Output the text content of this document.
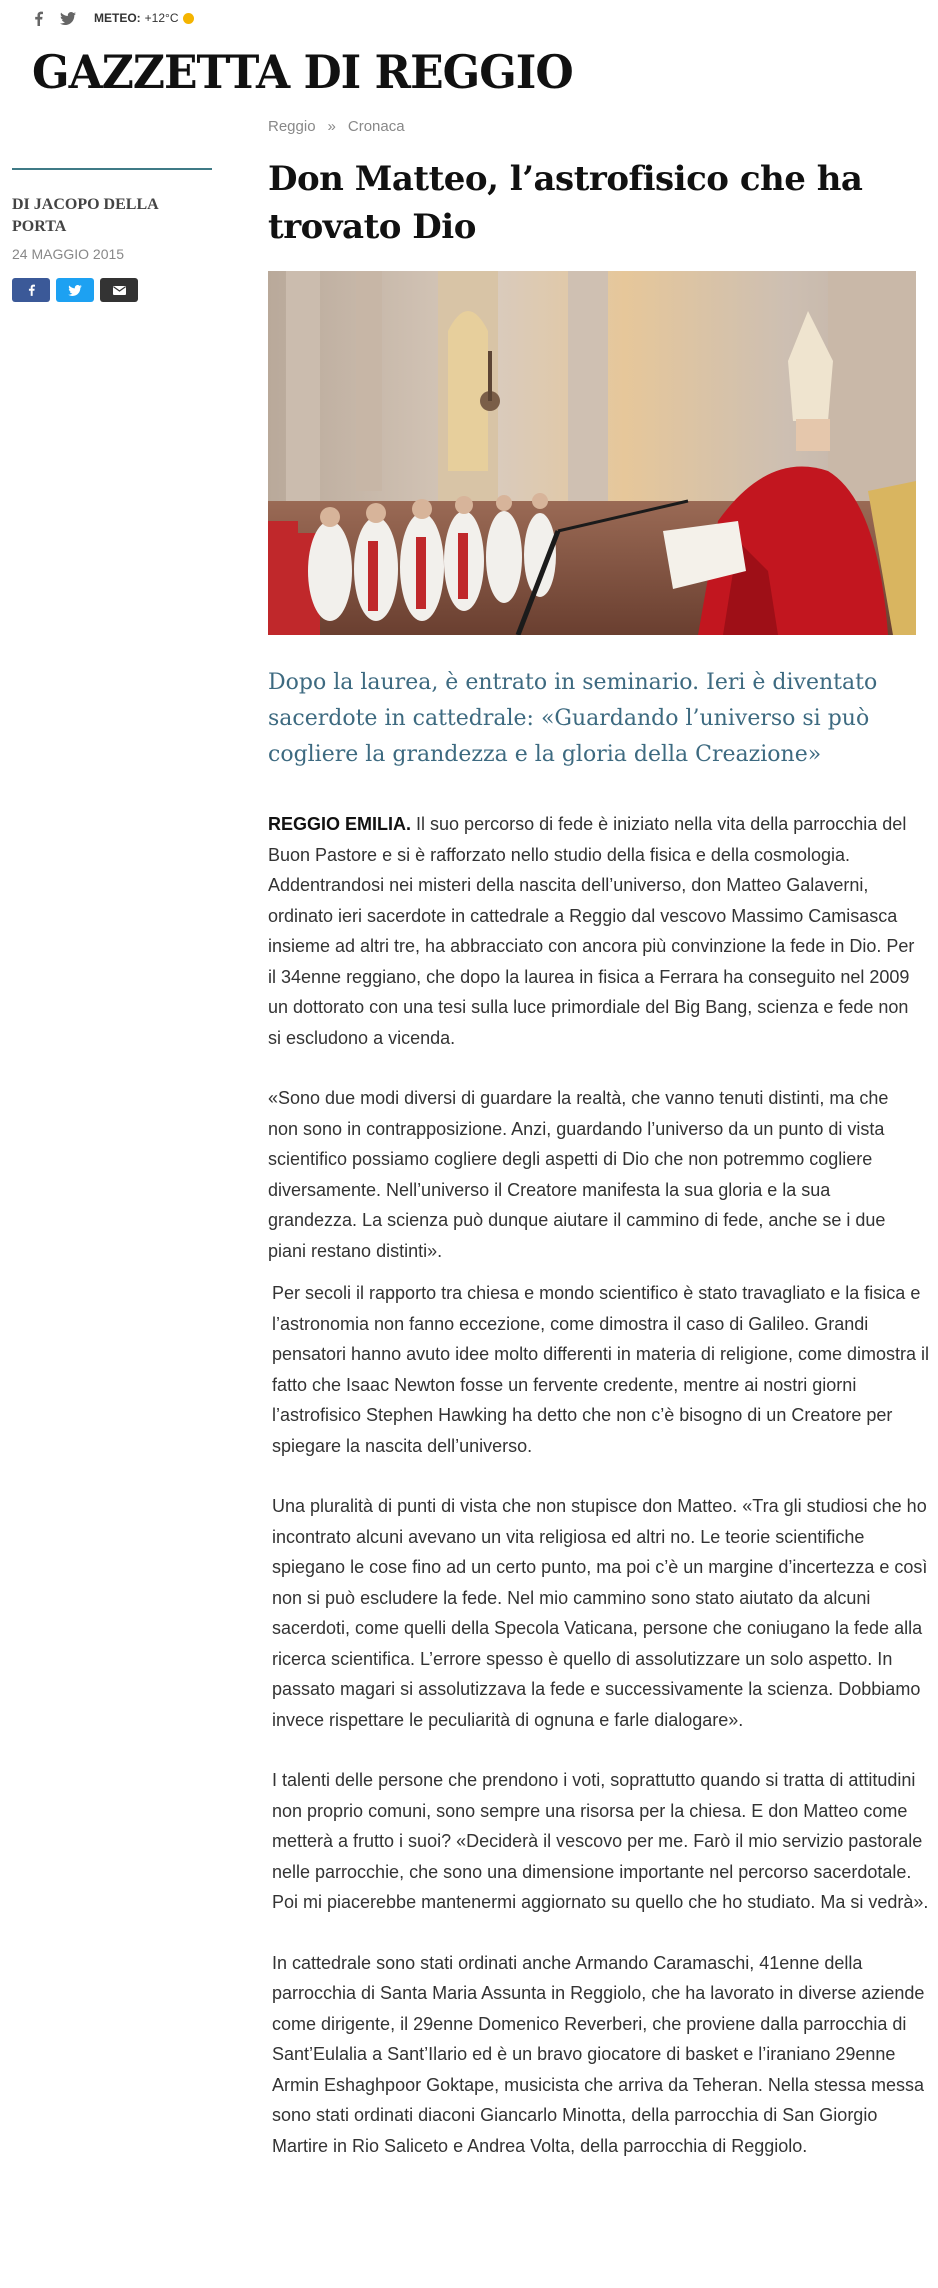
METEO: +12°C
GAZZETTA DI REGGIO
DI JACOPO DELLA PORTA
24 MAGGIO 2015
Reggio » Cronaca
Don Matteo, l’astrofisico che ha trovato Dio
Dopo la laurea, è entrato in seminario. Ieri è diventato sacerdote in cattedrale: «Guardando l’universo si può cogliere la grandezza e la gloria della Creazione»

REGGIO EMILIA. Il suo percorso di fede è iniziato nella vita della parrocchia del Buon Pastore e si è rafforzato nello studio della fisica e della cosmologia. Addentrandosi nei misteri della nascita dell’universo, don Matteo Galaverni, ordinato ieri sacerdote in cattedrale a Reggio dal vescovo Massimo Camisasca insieme ad altri tre, ha abbracciato con ancora più convinzione la fede in Dio. Per il 34enne reggiano, che dopo la laurea in fisica a Ferrara ha conseguito nel 2009 un dottorato con una tesi sulla luce primordiale del Big Bang, scienza e fede non si escludono a vicenda.

«Sono due modi diversi di guardare la realtà, che vanno tenuti distinti, ma che non sono in contrapposizione. Anzi, guardando l’universo da un punto di vista scientifico possiamo cogliere degli aspetti di Dio che non potremmo cogliere diversamente. Nell’universo il Creatore manifesta la sua gloria e la sua grandezza. La scienza può dunque aiutare il cammino di fede, anche se i due piani restano distinti».

Per secoli il rapporto tra chiesa e mondo scientifico è stato travagliato e la fisica e l’astronomia non fanno eccezione, come dimostra il caso di Galileo. Grandi pensatori hanno avuto idee molto differenti in materia di religione, come dimostra il fatto che Isaac Newton fosse un fervente credente, mentre ai nostri giorni l’astrofisico Stephen Hawking ha detto che non c’è bisogno di un Creatore per spiegare la nascita dell’universo.

Una pluralità di punti di vista che non stupisce don Matteo. «Tra gli studiosi che ho incontrato alcuni avevano un vita religiosa ed altri no. Le teorie scientifiche spiegano le cose fino ad un certo punto, ma poi c’è un margine d’incertezza e così non si può escludere la fede. Nel mio cammino sono stato aiutato da alcuni sacerdoti, come quelli della Specola Vaticana, persone che coniugano la fede alla ricerca scientifica. L’errore spesso è quello di assolutizzare un solo aspetto. In passato magari si assolutizzava la fede e successivamente la scienza. Dobbiamo invece rispettare le peculiarità di ognuna e farle dialogare».

I talenti delle persone che prendono i voti, soprattutto quando si tratta di attitudini non proprio comuni, sono sempre una risorsa per la chiesa. E don Matteo come metterà a frutto i suoi? «Deciderà il vescovo per me. Farò il mio servizio pastorale nelle parrocchie, che sono una dimensione importante nel percorso sacerdotale. Poi mi piacerebbe mantenermi aggiornato su quello che ho studiato. Ma si vedrà».

In cattedrale sono stati ordinati anche Armando Caramaschi, 41enne della parrocchia di Santa Maria Assunta in Reggiolo, che ha lavorato in diverse aziende come dirigente, il 29enne Domenico Reverberi, che proviene dalla parrocchia di Sant’Eulalia a Sant’Ilario ed è un bravo giocatore di basket e l’iraniano 29enne Armin Eshaghpoor Goktape, musicista che arriva da Teheran. Nella stessa messa sono stati ordinati diaconi Giancarlo Minotta, della parrocchia di San Giorgio Martire in Rio Saliceto e Andrea Volta, della parrocchia di Reggiolo.
